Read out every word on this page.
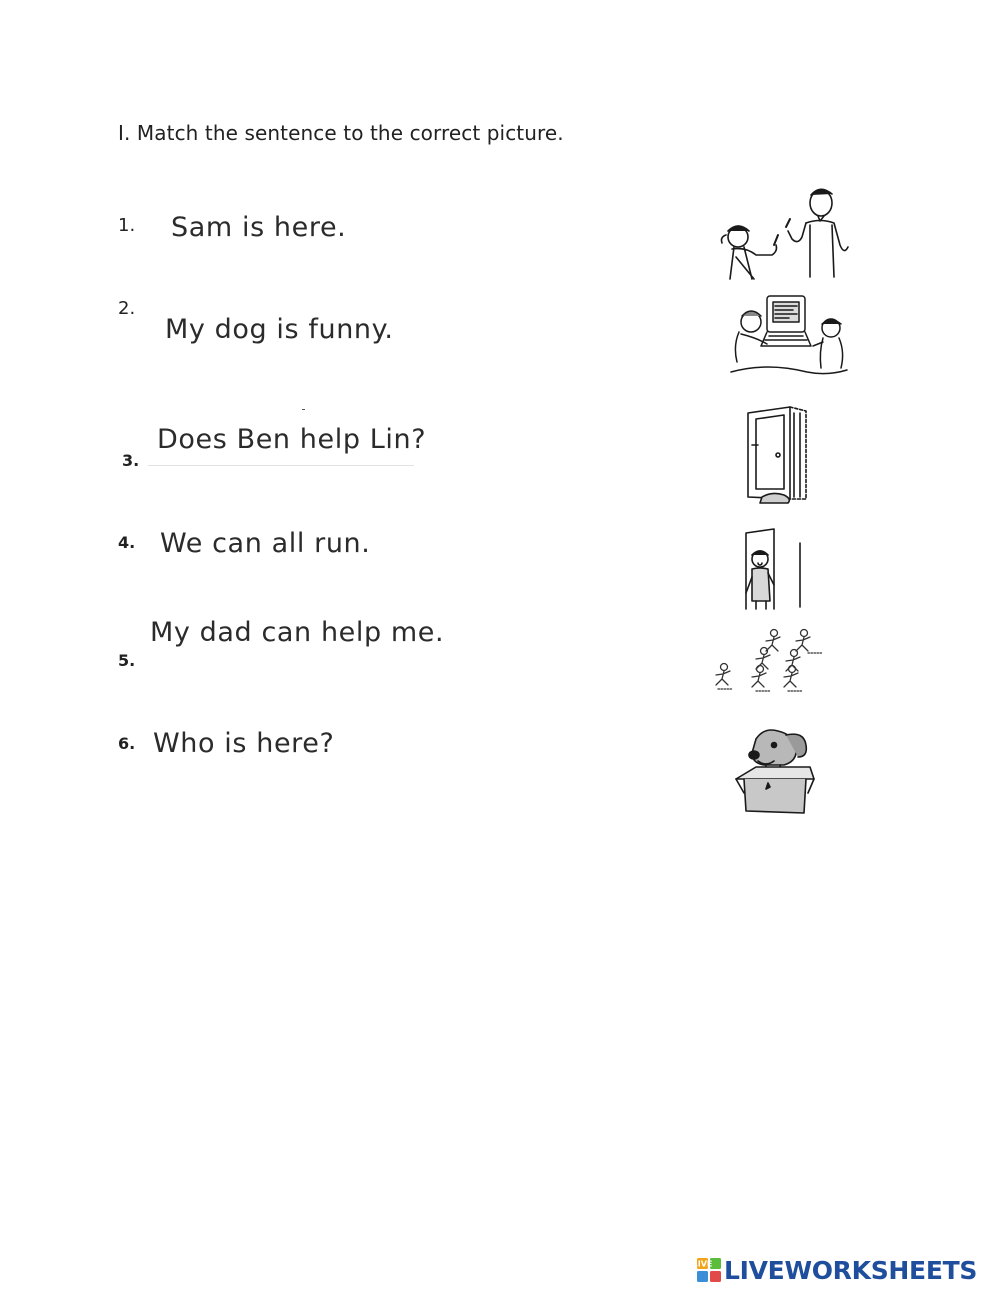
I. Match the sentence to the correct picture.
1. Sam is here.
2.
My dog is funny.
Does Ben help Lin?
3.
4. We can all run.
My dad can help me.
5.
6. Who is here?
LIVE LIVEWORKSHEETS
